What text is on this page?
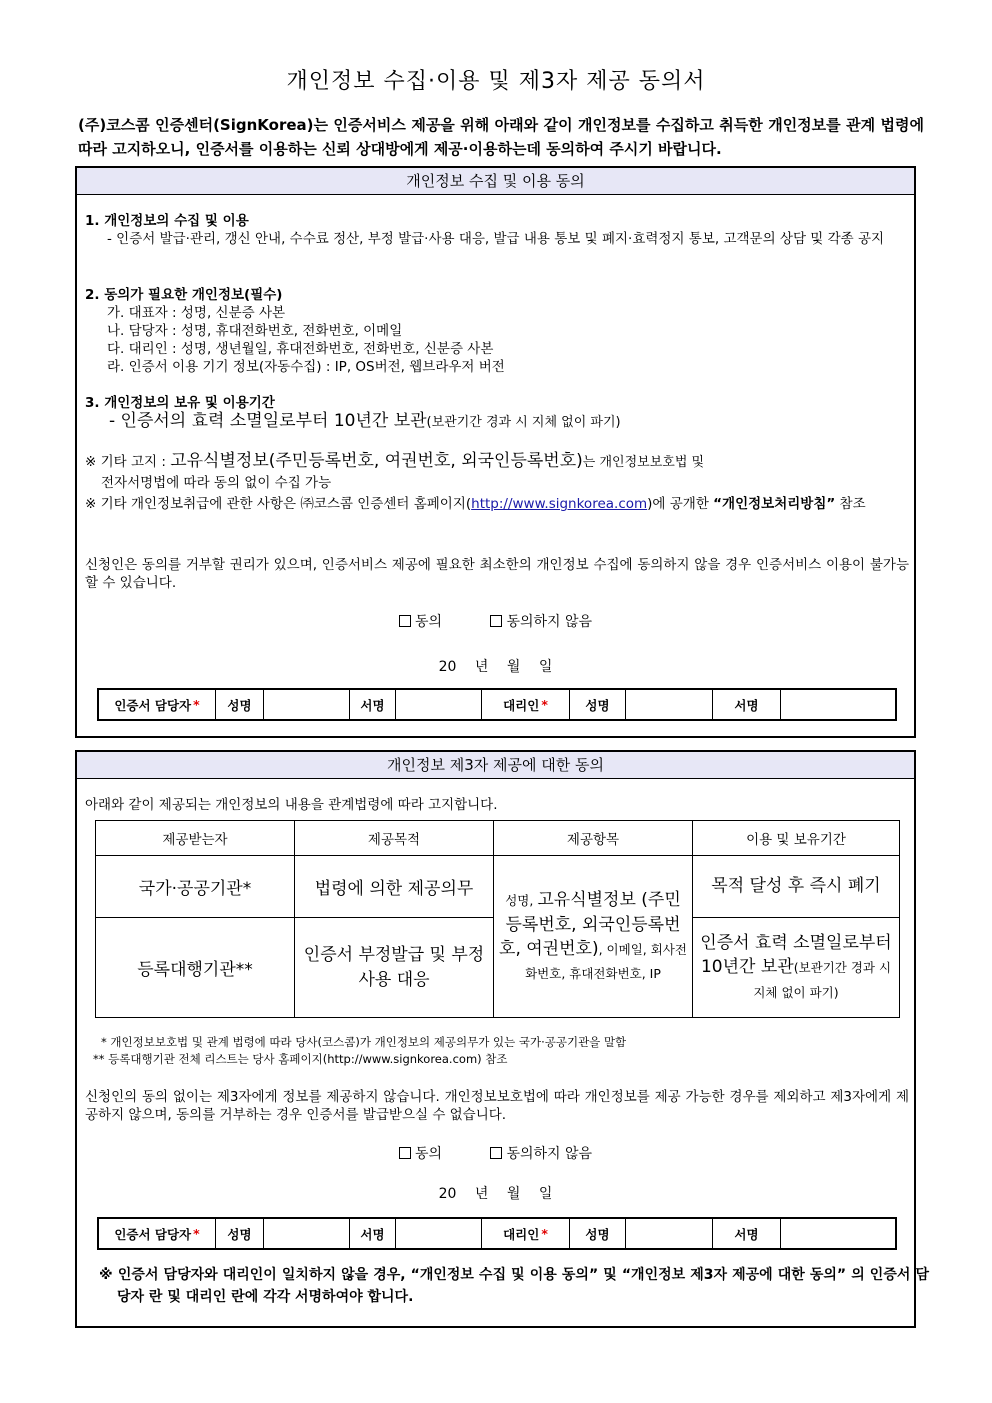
개인정보 수집·이용 및 제3자 제공 동의서
(주)코스콤 인증센터(SignKorea)는 인증서비스 제공을 위해 아래와 같이 개인정보를 수집하고 취득한 개인정보를 관계 법령에 따라 고지하오니, 인증서를 이용하는 신뢰 상대방에게 제공·이용하는데 동의하여 주시기 바랍니다.
개인정보 수집 및 이용 동의
1. 개인정보의 수집 및 이용
- 인증서 발급·관리, 갱신 안내, 수수료 정산, 부정 발급·사용 대응, 발급 내용 통보 및 폐지·효력정지 통보, 고객문의 상담 및 각종 공지
2. 동의가 필요한 개인정보(필수)
가. 대표자 : 성명, 신분증 사본
나. 담당자 : 성명, 휴대전화번호, 전화번호, 이메일
다. 대리인 : 성명, 생년월일, 휴대전화번호, 전화번호, 신분증 사본
라. 인증서 이용 기기 정보(자동수집) : IP, OS버전, 웹브라우저 버전
3. 개인정보의 보유 및 이용기간
- 인증서의 효력 소멸일로부터 10년간 보관(보관기간 경과 시 지체 없이 파기)
※ 기타 고지 : 고유식별정보(주민등록번호, 여권번호, 외국인등록번호)는 개인정보보호법 및
전자서명법에 따라 동의 없이 수집 가능
※ 기타 개인정보취급에 관한 사항은 ㈜코스콤 인증센터 홈페이지(http://www.signkorea.com)에 공개한 “개인정보처리방침” 참조
신청인은 동의를 거부할 권리가 있으며, 인증서비스 제공에 필요한 최소한의 개인정보 수집에 동의하지 않을 경우 인증서비스 이용이 불가능할 수 있습니다.
동의	동의하지 않음
20 년 월 일
인증서 담당자 *	성명	서명	대리인 *	성명	서명
개인정보 제3자 제공에 대한 동의
아래와 같이 제공되는 개인정보의 내용을 관계법령에 따라 고지합니다.
제공받는자	제공목적	제공항목	이용 및 보유기간
국가·공공기관*	법령에 의한 제공의무	성명, 고유식별정보 (주민등록번호, 외국인등록번호, 여권번호), 이메일, 회사전화번호, 휴대전화번호, IP	목적 달성 후 즉시 폐기
등록대행기관**	인증서 부정발급 및 부정사용 대응		인증서 효력 소멸일로부터 10년간 보관(보관기간 경과 시 지체 없이 파기)
* 개인정보보호법 및 관계 법령에 따라 당사(코스콤)가 개인정보의 제공의무가 있는 국가·공공기관을 말함
** 등록대행기관 전체 리스트는 당사 홈페이지(http://www.signkorea.com) 참조
신청인의 동의 없이는 제3자에게 정보를 제공하지 않습니다. 개인정보보호법에 따라 개인정보를 제공 가능한 경우를 제외하고 제3자에게 제공하지 않으며, 동의를 거부하는 경우 인증서를 발급받으실 수 없습니다.
동의	동의하지 않음
20 년 월 일
인증서 담당자 *	성명	서명	대리인 *	성명	서명
※ 인증서 담당자와 대리인이 일치하지 않을 경우, “개인정보 수집 및 이용 동의” 및 “개인정보 제3자 제공에 대한 동의” 의 인증서 담당자 란 및 대리인 란에 각각 서명하여야 합니다.
